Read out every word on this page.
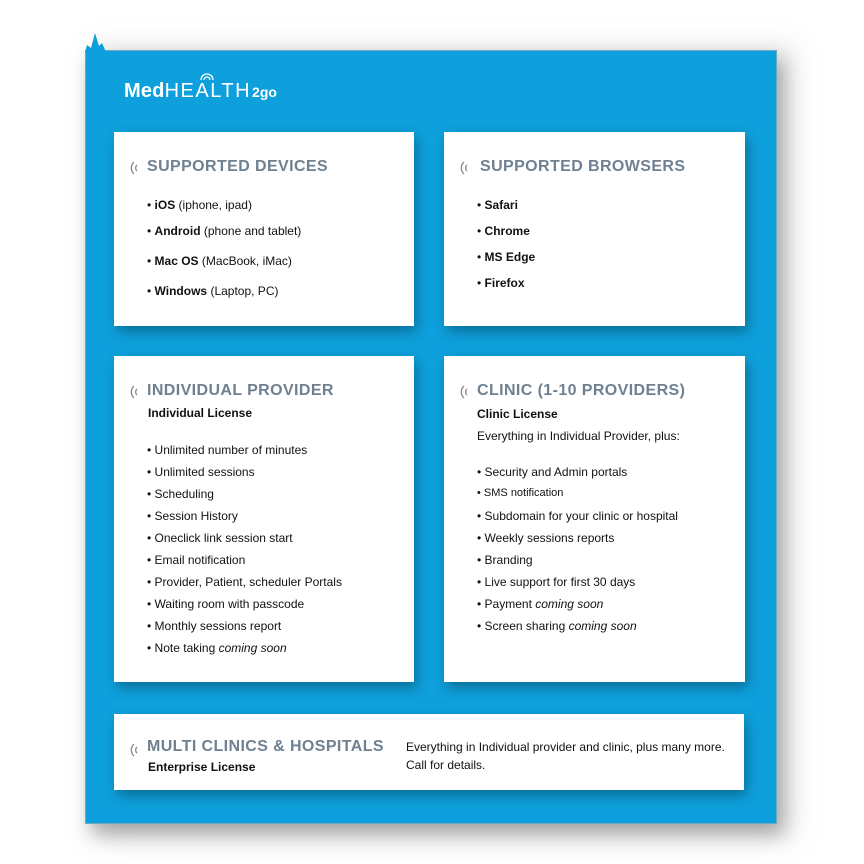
Med HEALTH 2go
SUPPORTED DEVICES
• iOS (iphone, ipad)
• Android (phone and tablet)
• Mac OS (MacBook, iMac)
• Windows (Laptop, PC)
SUPPORTED BROWSERS
• Safari
• Chrome
• MS Edge
• Firefox
INDIVIDUAL PROVIDER
Individual License
• Unlimited number of minutes
• Unlimited sessions
• Scheduling
• Session History
• Oneclick link session start
• Email notification
• Provider, Patient, scheduler Portals
• Waiting room with passcode
• Monthly sessions report
• Note taking coming soon
CLINIC (1-10 PROVIDERS)
Clinic License
Everything in Individual Provider, plus:
• Security and Admin portals
• SMS notification
• Subdomain for your clinic or hospital
• Weekly sessions reports
• Branding
• Live support for first 30 days
• Payment coming soon
• Screen sharing coming soon
MULTI CLINICS & HOSPITALS
Enterprise License
Everything in Individual provider and clinic, plus many more. Call for details.
